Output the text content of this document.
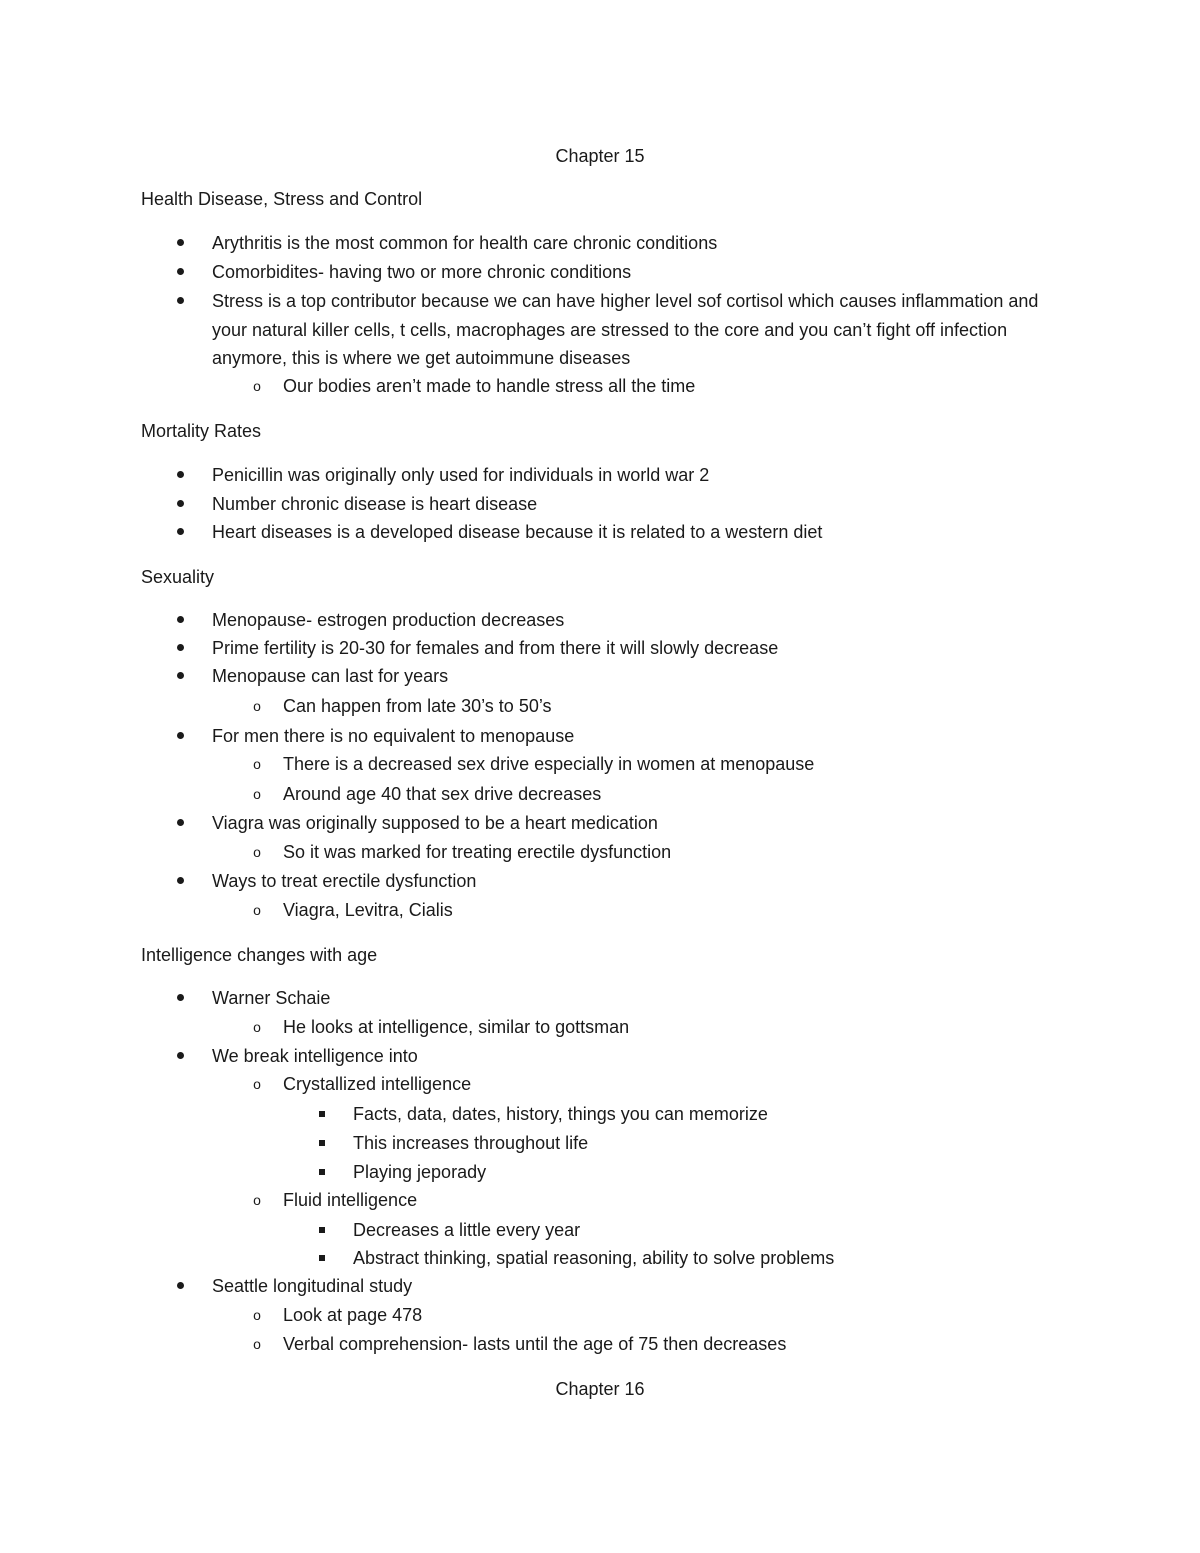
Chapter 15
Health Disease, Stress and Control
Arythritis is the most common for health care chronic conditions
Comorbidites- having two or more chronic conditions
Stress is a top contributor because we can have higher level sof cortisol which causes inflammation and your natural killer cells, t cells, macrophages are stressed to the core and you can’t fight off infection anymore, this is where we get autoimmune diseases
o	Our bodies aren’t made to handle stress all the time
Mortality Rates
Penicillin was originally only used for individuals in world war 2
Number chronic disease is heart disease
Heart diseases is a developed disease because it is related to a western diet
Sexuality
Menopause- estrogen production decreases
Prime fertility is 20-30 for females and from there it will slowly decrease
Menopause can last for years
o	Can happen from late 30’s to 50’s
For men there is no equivalent to menopause
o	There is a decreased sex drive especially in women at menopause
o	Around age 40 that sex drive decreases
Viagra was originally supposed to be a heart medication
o	So it was marked for treating erectile dysfunction
Ways to treat erectile dysfunction
o	Viagra, Levitra, Cialis
Intelligence changes with age
Warner Schaie
o	He looks at intelligence, similar to gottsman
We break intelligence into
o	Crystallized intelligence
Facts, data, dates, history, things you can memorize
This increases throughout life
Playing jeporady
o	Fluid intelligence
Decreases a little every year
Abstract thinking, spatial reasoning, ability to solve problems
Seattle longitudinal study
o	Look at page 478
o	Verbal comprehension- lasts until the age of 75 then decreases
Chapter 16
